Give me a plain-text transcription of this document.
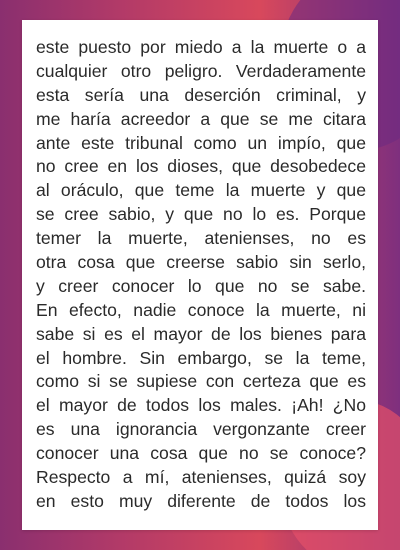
este puesto por miedo a la muerte o a
cualquier otro peligro. Verdaderamente
esta sería una deserción criminal, y
me haría acreedor a que se me citara
ante este tribunal como un impío, que
no cree en los dioses, que desobedece
al oráculo, que teme la muerte y que
se cree sabio, y que no lo es. Porque
temer la muerte, atenienses, no es
otra cosa que creerse sabio sin serlo,
y creer conocer lo que no se sabe.
En efecto, nadie conoce la muerte, ni
sabe si es el mayor de los bienes para
el hombre. Sin embargo, se la teme,
como si se supiese con certeza que es
el mayor de todos los males. ¡Ah! ¿No
es una ignorancia vergonzante creer
conocer una cosa que no se conoce?
Respecto a mí, atenienses, quizá soy
en esto muy diferente de todos los
